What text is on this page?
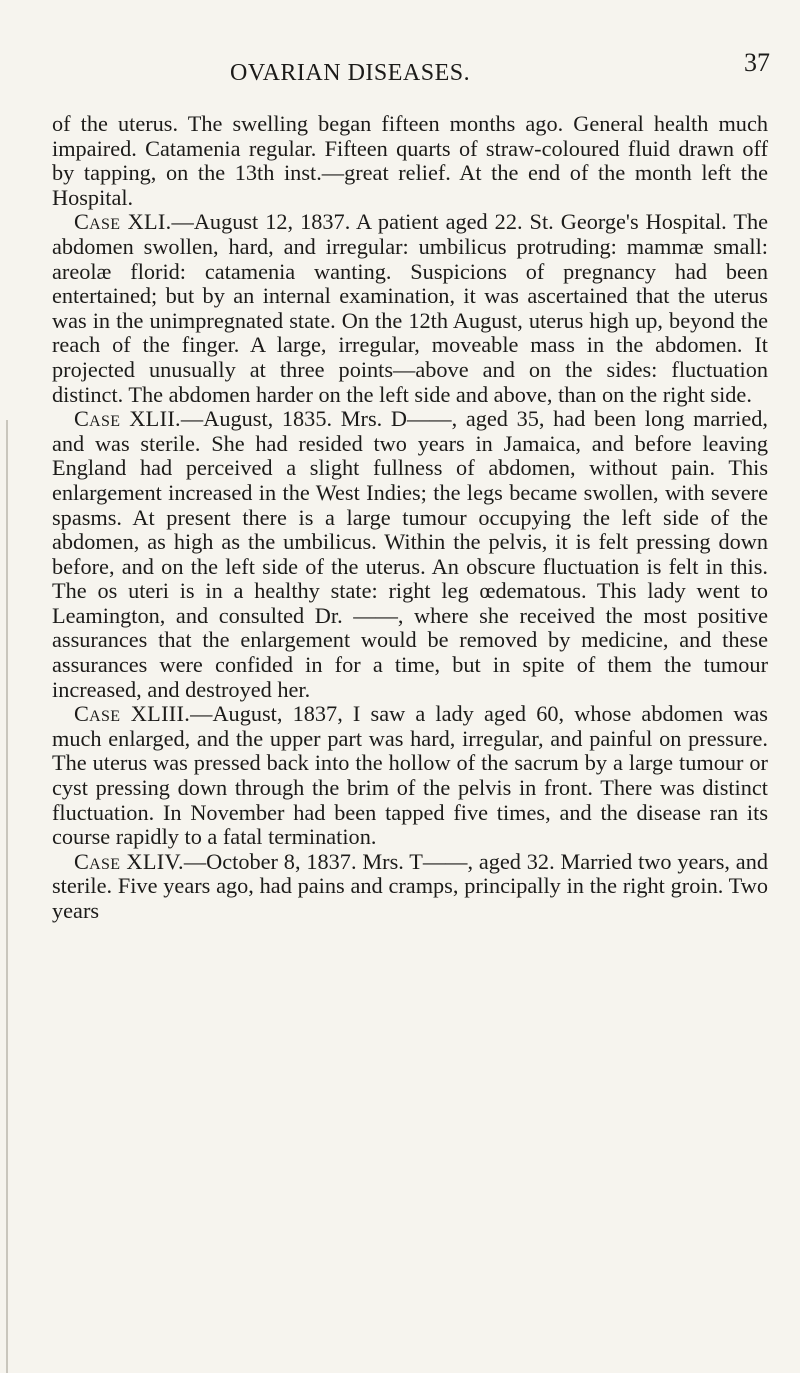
OVARIAN DISEASES.	37

of the uterus. The swelling began fifteen months ago. General health much impaired. Catamenia regular. Fifteen quarts of straw-coloured fluid drawn off by tapping, on the 13th inst.—great relief. At the end of the month left the Hospital.

Case XLI.—August 12, 1837. A patient aged 22. St. George's Hospital. The abdomen swollen, hard, and irregular: umbilicus protruding: mammæ small: areolæ florid: catamenia wanting. Suspicions of pregnancy had been entertained; but by an internal examination, it was ascertained that the uterus was in the unimpregnated state. On the 12th August, uterus high up, beyond the reach of the finger. A large, irregular, moveable mass in the abdomen. It projected unusually at three points—above and on the sides: fluctuation distinct. The abdomen harder on the left side and above, than on the right side.

Case XLII.—August, 1835. Mrs. D——, aged 35, had been long married, and was sterile. She had resided two years in Jamaica, and before leaving England had perceived a slight fullness of abdomen, without pain. This enlargement increased in the West Indies; the legs became swollen, with severe spasms. At present there is a large tumour occupying the left side of the abdomen, as high as the umbilicus. Within the pelvis, it is felt pressing down before, and on the left side of the uterus. An obscure fluctuation is felt in this. The os uteri is in a healthy state: right leg œdematous. This lady went to Leamington, and consulted Dr. ——, where she received the most positive assurances that the enlargement would be removed by medicine, and these assurances were confided in for a time, but in spite of them the tumour increased, and destroyed her.

Case XLIII.—August, 1837, I saw a lady aged 60, whose abdomen was much enlarged, and the upper part was hard, irregular, and painful on pressure. The uterus was pressed back into the hollow of the sacrum by a large tumour or cyst pressing down through the brim of the pelvis in front. There was distinct fluctuation. In November had been tapped five times, and the disease ran its course rapidly to a fatal termination.

Case XLIV.—October 8, 1837. Mrs. T——, aged 32. Married two years, and sterile. Five years ago, had pains and cramps, principally in the right groin. Two years
